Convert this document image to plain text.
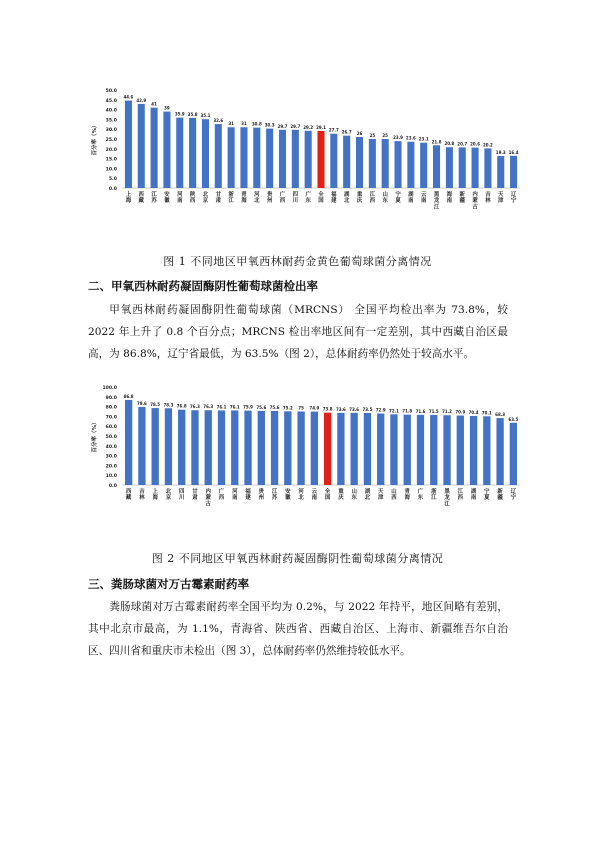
0.0
5.0
10.0
15.0
20.0
25.0
30.0
35.0
40.0
45.0
50.0
百分率（%）
44.6
上海
42.9
西藏
41
江苏
39
安徽
35.9
河南
35.8
陕西
35.1
北京
32.6
甘肃
31
浙江
31
青海
30.8
河北
30.3
贵州
29.7
广西
29.7
四川
29.2
广东
29.1
全国
27.7
福建
26.7
湖北
26
重庆
25
江西
25
山东
23.9
宁夏
23.6
湖南
23.1
云南
21.8
黑龙江
20.8
海南
20.7
新疆
20.6
内蒙古
20.2
吉林
19.3
天津
16.4
辽宁
图 1 不同地区甲氧西林耐药金黄色葡萄球菌分离情况
二、甲氧西林耐药凝固酶阴性葡萄球菌检出率

甲氧西林耐药凝固酶阴性葡萄球菌（MRCNS） 全国平均检出率为 73.8%，较 2022 年上升了 0.8 个百分点；MRCNS 检出率地区间有一定差别，其中西藏自治区最高，为 86.8%，辽宁省最低，为 63.5%（图 2），总体耐药率仍然处于较高水平。

0.0
10.0
20.0
30.0
40.0
50.0
60.0
70.0
80.0
90.0
100.0
百分率（%）
86.8
西藏
79.6
吉林
78.5
上海
78.3
北京
76.8
四川
76.3
甘肃
76.3
内蒙古
76.1
广西
76.1
河南
75.9
福建
75.6
贵州
75.6
江苏
75.2
安徽
75
河北
74.9
云南
73.8
全国
73.6
重庆
73.6
山东
73.5
湖北
72.9
天津
72.1
山西
71.8
青海
71.6
广东
71.5
浙江
71.2
黑龙江
70.9
江西
70.4
湖南
70.1
宁夏
68.3
新疆
63.5
辽宁
图 2 不同地区甲氧西林耐药凝固酶阴性葡萄球菌分离情况
三、粪肠球菌对万古霉素耐药率

粪肠球菌对万古霉素耐药率全国平均为 0.2%，与 2022 年持平，地区间略有差别，其中北京市最高，为 1.1%，青海省、陕西省、西藏自治区、上海市、新疆维吾尔自治区、四川省和重庆市未检出（图 3），总体耐药率仍然维持较低水平。
